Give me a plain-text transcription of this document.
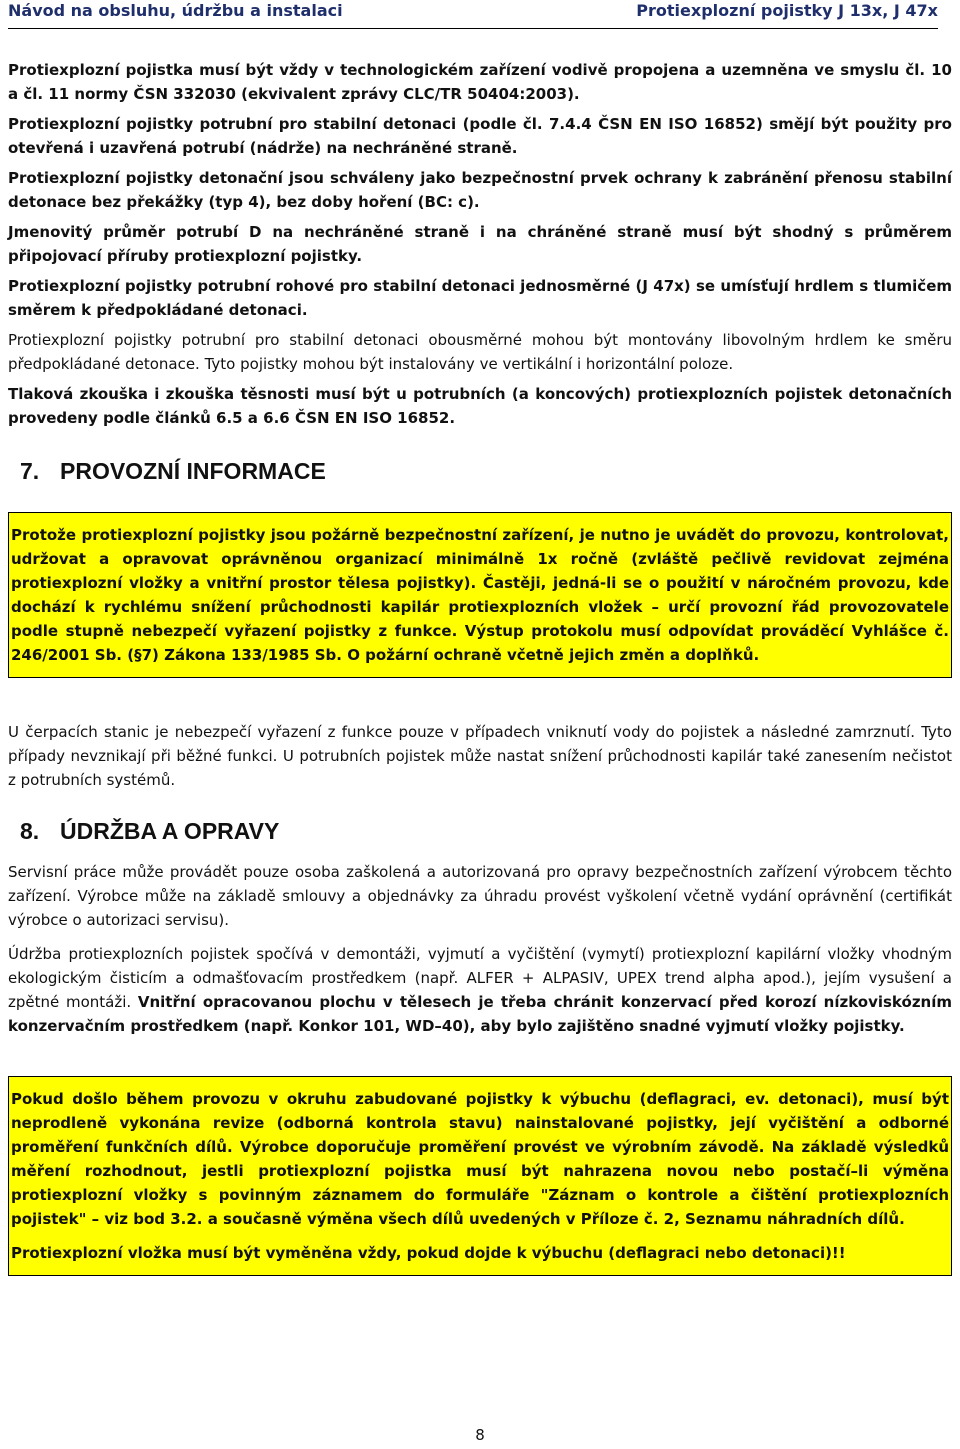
Návod na obsluhu, údržbu a instalaci	Protiexplozní pojistky J 13x, J 47x

Protiexplozní pojistka musí být vždy v technologickém zařízení vodivě propojena a uzemněna ve smyslu čl. 10 a čl. 11 normy ČSN 332030 (ekvivalent zprávy CLC/TR 50404:2003).

Protiexplozní pojistky potrubní pro stabilní detonaci (podle čl. 7.4.4 ČSN EN ISO 16852) smějí být použity pro otevřená i uzavřená potrubí (nádrže) na nechráněné straně.

Protiexplozní pojistky detonační jsou schváleny jako bezpečnostní prvek ochrany k zabránění přenosu stabilní detonace bez překážky (typ 4), bez doby hoření (BC: c).

Jmenovitý průměr potrubí D na nechráněné straně i na chráněné straně musí být shodný s průměrem připojovací příruby protiexplozní pojistky.

Protiexplozní pojistky potrubní rohové pro stabilní detonaci jednosměrné (J 47x) se umísťují hrdlem s tlumičem směrem k předpokládané detonaci.

Protiexplozní pojistky potrubní pro stabilní detonaci obousměrné mohou být montovány libovolným hrdlem ke směru předpokládané detonace. Tyto pojistky mohou být instalovány ve vertikální i horizontální poloze.

Tlaková zkouška i zkouška těsnosti musí být u potrubních (a koncových) protiexplozních pojistek detonačních provedeny podle článků 6.5 a 6.6 ČSN EN ISO 16852.

7. PROVOZNÍ INFORMACE

Protože protiexplozní pojistky jsou požárně bezpečnostní zařízení, je nutno je uvádět do provozu, kontrolovat, udržovat a opravovat oprávněnou organizací minimálně 1x ročně (zvláště pečlivě revidovat zejména protiexplozní vložky a vnitřní prostor tělesa pojistky). Častěji, jedná-li se o použití v náročném provozu, kde dochází k rychlému snížení průchodnosti kapilár protiexplozních vložek – určí provozní řád provozovatele podle stupně nebezpečí vyřazení pojistky z funkce. Výstup protokolu musí odpovídat prováděcí Vyhlášce č. 246/2001 Sb. (§7) Zákona 133/1985 Sb. O požární ochraně včetně jejich změn a doplňků.

U čerpacích stanic je nebezpečí vyřazení z funkce pouze v případech vniknutí vody do pojistek a následné zamrznutí. Tyto případy nevznikají při běžné funkci. U potrubních pojistek může nastat snížení průchodnosti kapilár také zanesením nečistot z potrubních systémů.

8. ÚDRŽBA A OPRAVY

Servisní práce může provádět pouze osoba zaškolená a autorizovaná pro opravy bezpečnostních zařízení výrobcem těchto zařízení. Výrobce může na základě smlouvy a objednávky za úhradu provést vyškolení včetně vydání oprávnění (certifikát výrobce o autorizaci servisu).

Údržba protiexplozních pojistek spočívá v demontáži, vyjmutí a vyčištění (vymytí) protiexplozní kapilární vložky vhodným ekologickým čisticím a odmašťovacím prostředkem (např. ALFER + ALPASIV, UPEX trend alpha apod.), jejím vysušení a zpětné montáži. Vnitřní opracovanou plochu v tělesech je třeba chránit konzervací před korozí nízkoviskózním konzervačním prostředkem (např. Konkor 101, WD–40), aby bylo zajištěno snadné vyjmutí vložky pojistky.

Pokud došlo během provozu v okruhu zabudované pojistky k výbuchu (deflagraci, ev. detonaci), musí být neprodleně vykonána revize (odborná kontrola stavu) nainstalované pojistky, její vyčištění a odborné proměření funkčních dílů. Výrobce doporučuje proměření provést ve výrobním závodě. Na základě výsledků měření rozhodnout, jestli protiexplozní pojistka musí být nahrazena novou nebo postačí–li výměna protiexplozní vložky s povinným záznamem do formuláře "Záznam o kontrole a čištění protiexplozních pojistek" – viz bod 3.2. a současně výměna všech dílů uvedených v Příloze č. 2, Seznamu náhradních dílů.

Protiexplozní vložka musí být vyměněna vždy, pokud dojde k výbuchu (deflagraci nebo detonaci)!!

8
